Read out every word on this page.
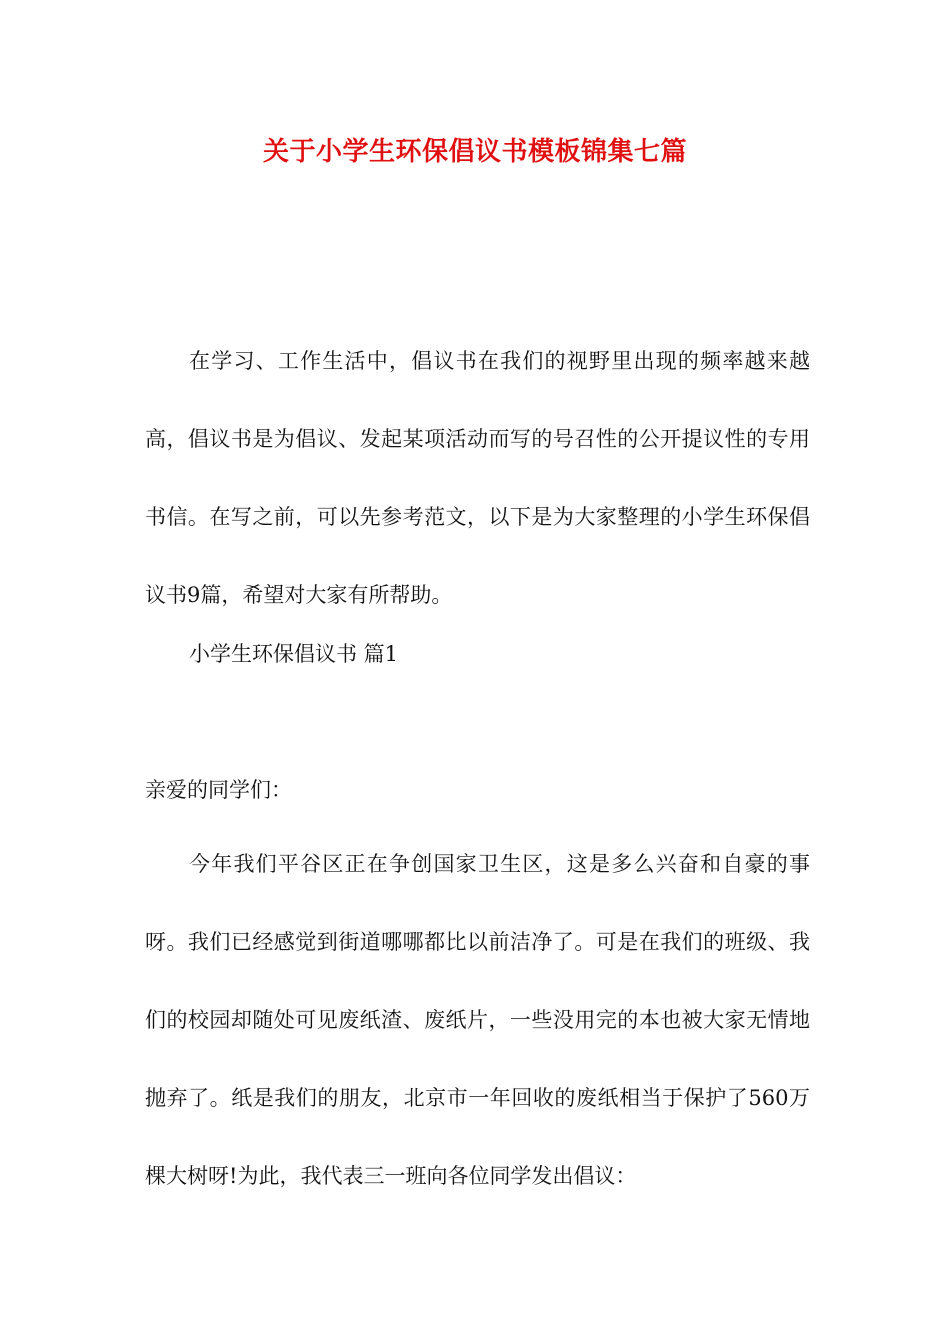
关于小学生环保倡议书模板锦集七篇

在学习、工作生活中，倡议书在我们的视野里出现的频率越来越高，倡议书是为倡议、发起某项活动而写的号召性的公开提议性的专用书信。在写之前，可以先参考范文，以下是为大家整理的小学生环保倡议书9篇，希望对大家有所帮助。

小学生环保倡议书 篇1

亲爱的同学们：

今年我们平谷区正在争创国家卫生区，这是多么兴奋和自豪的事呀。我们已经感觉到街道哪哪都比以前洁净了。可是在我们的班级、我们的校园却随处可见废纸渣、废纸片，一些没用完的本也被大家无情地抛弃了。纸是我们的朋友，北京市一年回收的废纸相当于保护了560万棵大树呀!为此，我代表三一班向各位同学发出倡议：
